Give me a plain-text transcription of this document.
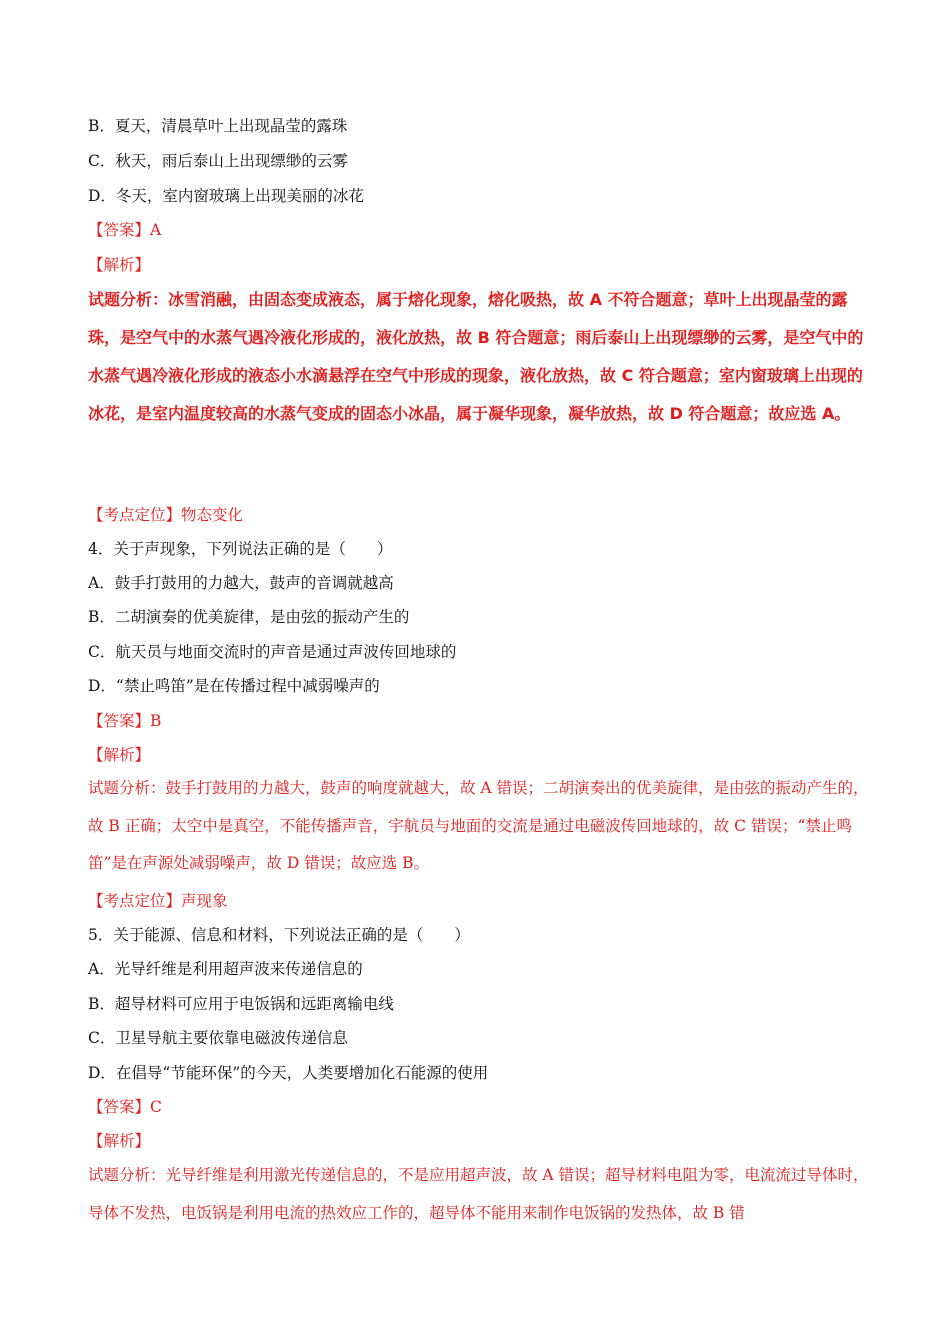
B．夏天，清晨草叶上出现晶莹的露珠
C．秋天，雨后泰山上出现缥缈的云雾
D．冬天，室内窗玻璃上出现美丽的冰花
【答案】A
【解析】
试题分析：冰雪消融，由固态变成液态，属于熔化现象，熔化吸热，故 A 不符合题意；草叶上出现晶莹的露珠，是空气中的水蒸气遇冷液化形成的，液化放热，故 B 符合题意；雨后泰山上出现缥缈的云雾，是空气中的水蒸气遇冷液化形成的液态小水滴悬浮在空气中形成的现象，液化放热，故 C 符合题意；室内窗玻璃上出现的冰花，是室内温度较高的水蒸气变成的固态小冰晶，属于凝华现象，凝华放热，故 D 符合题意；故应选 A。
【考点定位】物态变化
4．关于声现象，下列说法正确的是（　　）
A．鼓手打鼓用的力越大，鼓声的音调就越高
B．二胡演奏的优美旋律，是由弦的振动产生的
C．航天员与地面交流时的声音是通过声波传回地球的
D．“禁止鸣笛”是在传播过程中减弱噪声的
【答案】B
【解析】
试题分析：鼓手打鼓用的力越大，鼓声的响度就越大，故 A 错误；二胡演奏出的优美旋律，是由弦的振动产生的，故 B 正确；太空中是真空，不能传播声音，宇航员与地面的交流是通过电磁波传回地球的，故 C 错误；“禁止鸣笛”是在声源处减弱噪声，故 D 错误；故应选 B。
【考点定位】声现象
5．关于能源、信息和材料，下列说法正确的是（　　）
A．光导纤维是利用超声波来传递信息的
B．超导材料可应用于电饭锅和远距离输电线
C．卫星导航主要依靠电磁波传递信息
D．在倡导“节能环保”的今天，人类要增加化石能源的使用
【答案】C
【解析】
试题分析：光导纤维是利用激光传递信息的，不是应用超声波，故 A 错误；超导材料电阻为零，电流流过导体时，导体不发热，电饭锅是利用电流的热效应工作的，超导体不能用来制作电饭锅的发热体，故 B 错
